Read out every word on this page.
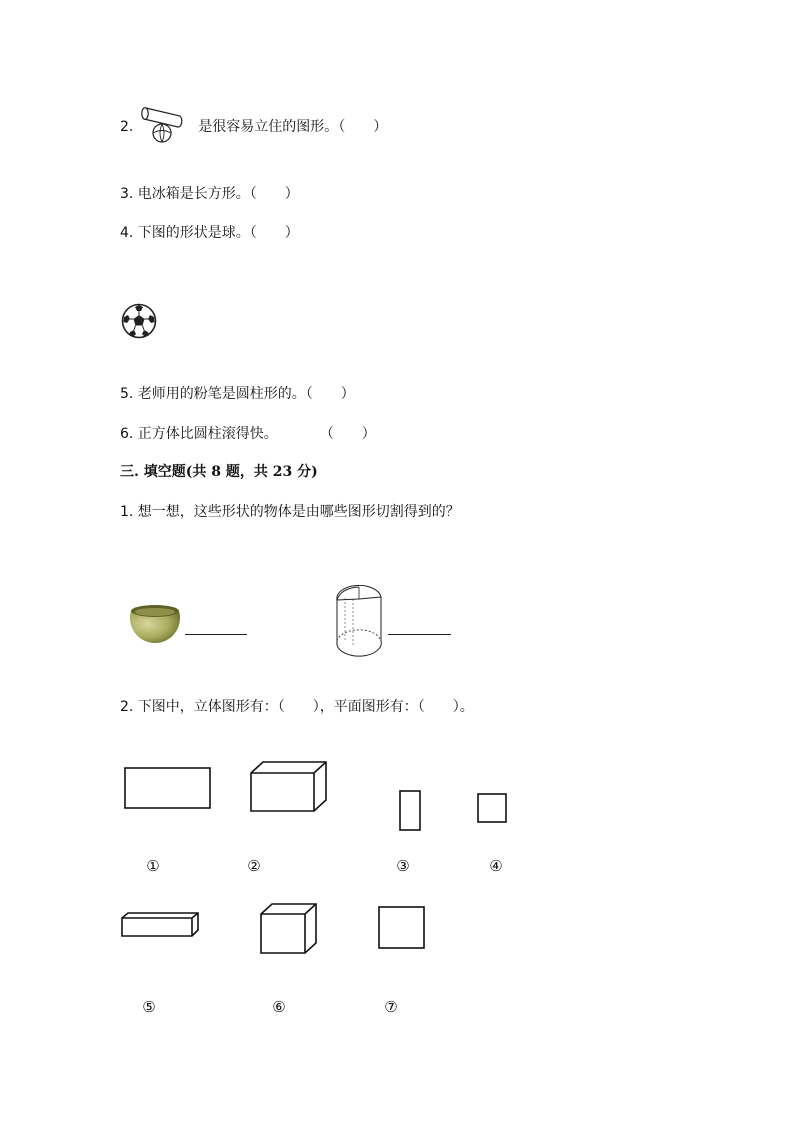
2.	是很容易立住的图形。（　　）
3. 电冰箱是长方形。（　　）
4. 下图的形状是球。（　　）
5. 老师用的粉笔是圆柱形的。（　　）
6. 正方体比圆柱滚得快。　　　　（　　）
三. 填空题(共 8 题，共 23 分)
1. 想一想，这些形状的物体是由哪些图形切割得到的？
2. 下图中，立体图形有：（　　），平面图形有：（　　）。
①	②	③	④
⑤	⑥	⑦
